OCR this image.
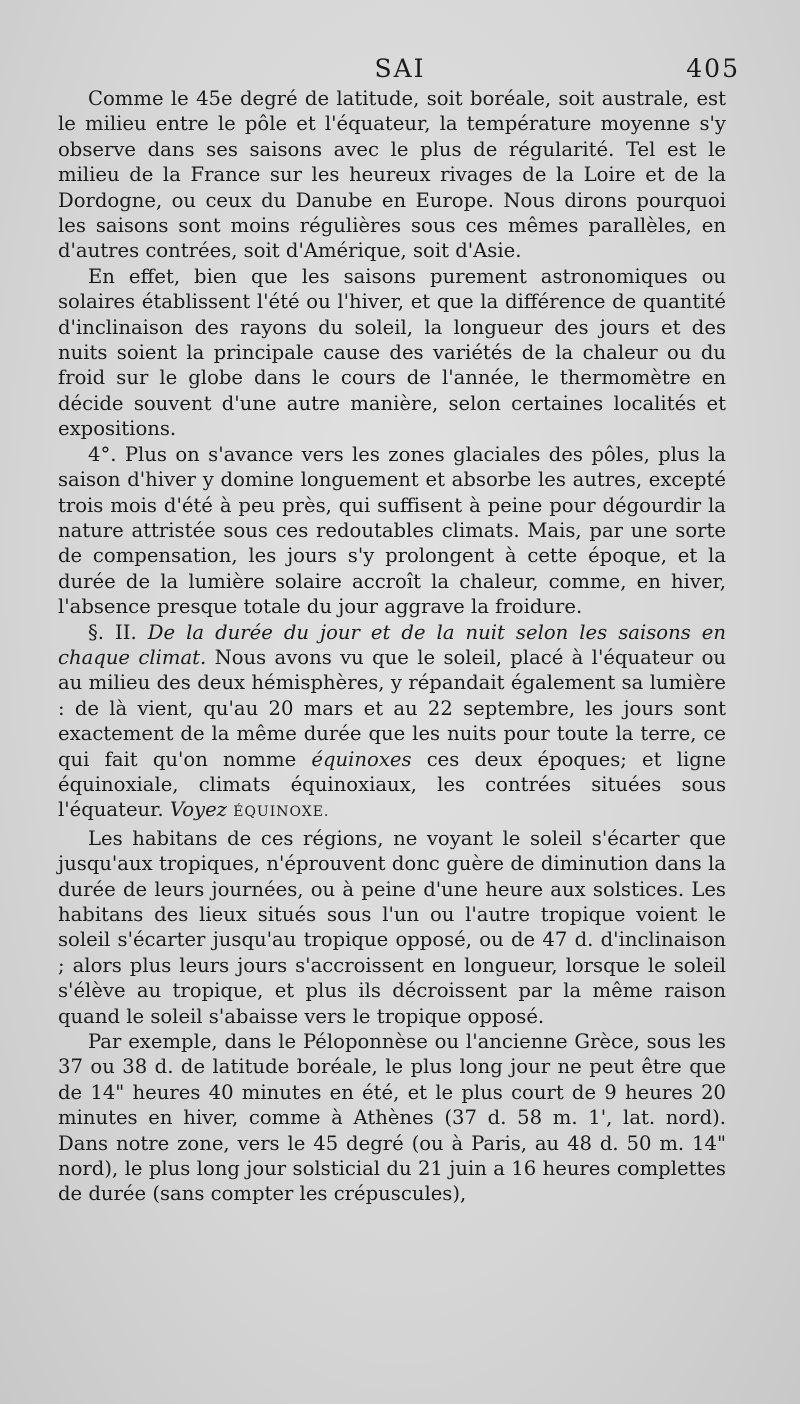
SAI	405

Comme le 45e degré de latitude, soit boréale, soit australe, est le milieu entre le pôle et l'équateur, la température moyenne s'y observe dans ses saisons avec le plus de régularité. Tel est le milieu de la France sur les heureux rivages de la Loire et de la Dordogne, ou ceux du Danube en Europe. Nous dirons pourquoi les saisons sont moins régulières sous ces mêmes parallèles, en d'autres contrées, soit d'Amérique, soit d'Asie.

En effet, bien que les saisons purement astronomiques ou solaires établissent l'été ou l'hiver, et que la différence de quantité d'inclinaison des rayons du soleil, la longueur des jours et des nuits soient la principale cause des variétés de la chaleur ou du froid sur le globe dans le cours de l'année, le thermomètre en décide souvent d'une autre manière, selon certaines localités et expositions.

4°. Plus on s'avance vers les zones glaciales des pôles, plus la saison d'hiver y domine longuement et absorbe les autres, excepté trois mois d'été à peu près, qui suffisent à peine pour dégourdir la nature attristée sous ces redoutables climats. Mais, par une sorte de compensation, les jours s'y prolongent à cette époque, et la durée de la lumière solaire accroît la chaleur, comme, en hiver, l'absence presque totale du jour aggrave la froidure.

§. II. De la durée du jour et de la nuit selon les saisons en chaque climat. Nous avons vu que le soleil, placé à l'équateur ou au milieu des deux hémisphères, y répandait également sa lumière : de là vient, qu'au 20 mars et au 22 septembre, les jours sont exactement de la même durée que les nuits pour toute la terre, ce qui fait qu'on nomme équinoxes ces deux époques; et ligne équinoxiale, climats équinoxiaux, les contrées situées sous l'équateur. Voyez ÉQUINOXE.

Les habitans de ces régions, ne voyant le soleil s'écarter que jusqu'aux tropiques, n'éprouvent donc guère de diminution dans la durée de leurs journées, ou à peine d'une heure aux solstices. Les habitans des lieux situés sous l'un ou l'autre tropique voient le soleil s'écarter jusqu'au tropique opposé, ou de 47 d. d'inclinaison ; alors plus leurs jours s'accroissent en longueur, lorsque le soleil s'élève au tropique, et plus ils décroissent par la même raison quand le soleil s'abaisse vers le tropique opposé.

Par exemple, dans le Péloponnèse ou l'ancienne Grèce, sous les 37 ou 38 d. de latitude boréale, le plus long jour ne peut être que de 14" heures 40 minutes en été, et le plus court de 9 heures 20 minutes en hiver, comme à Athènes (37 d. 58 m. 1', lat. nord). Dans notre zone, vers le 45 degré (ou à Paris, au 48 d. 50 m. 14" nord), le plus long jour solsticial du 21 juin a 16 heures complettes de durée (sans compter les crépuscules),
